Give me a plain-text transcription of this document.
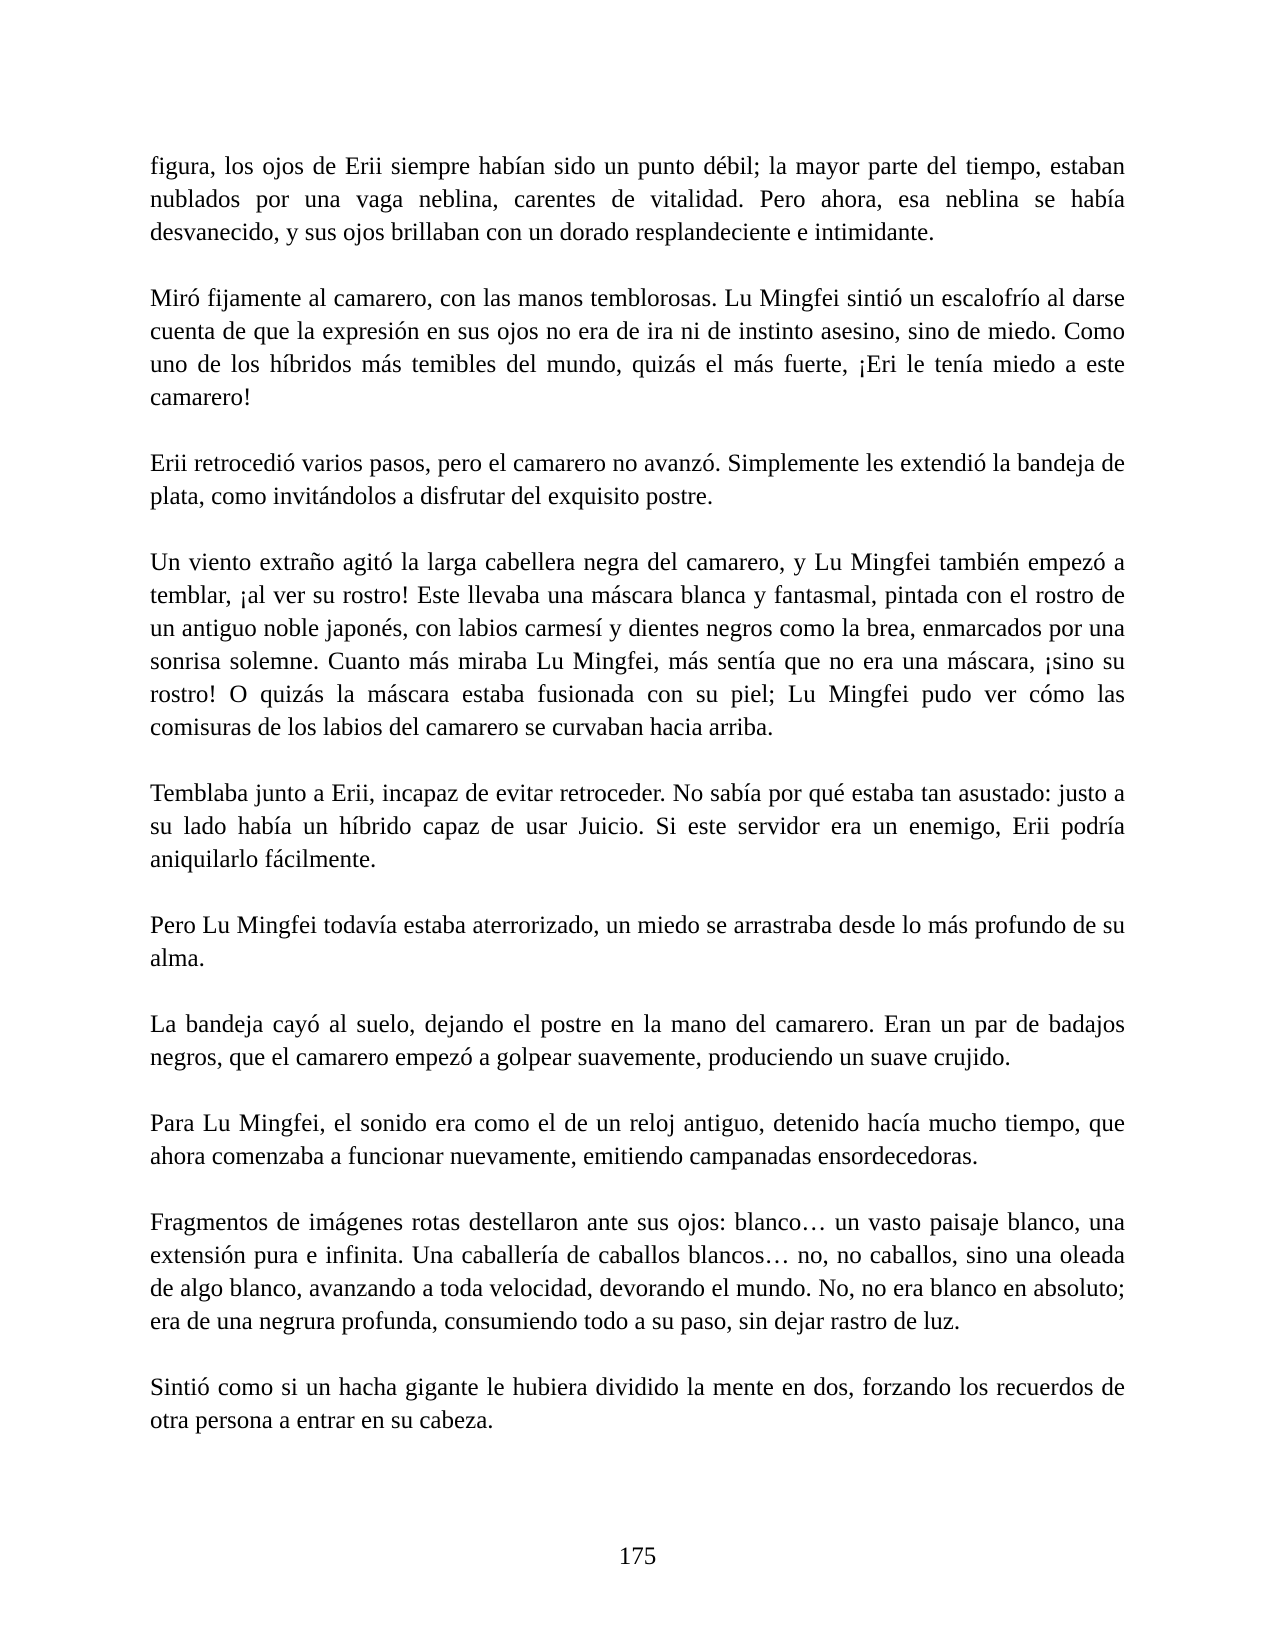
figura, los ojos de Erii siempre habían sido un punto débil; la mayor parte del tiempo, estaban nublados por una vaga neblina, carentes de vitalidad. Pero ahora, esa neblina se había desvanecido, y sus ojos brillaban con un dorado resplandeciente e intimidante.

Miró fijamente al camarero, con las manos temblorosas. Lu Mingfei sintió un escalofrío al darse cuenta de que la expresión en sus ojos no era de ira ni de instinto asesino, sino de miedo. Como uno de los híbridos más temibles del mundo, quizás el más fuerte, ¡Eri le tenía miedo a este camarero!

Erii retrocedió varios pasos, pero el camarero no avanzó. Simplemente les extendió la bandeja de plata, como invitándolos a disfrutar del exquisito postre.

Un viento extraño agitó la larga cabellera negra del camarero, y Lu Mingfei también empezó a temblar, ¡al ver su rostro! Este llevaba una máscara blanca y fantasmal, pintada con el rostro de un antiguo noble japonés, con labios carmesí y dientes negros como la brea, enmarcados por una sonrisa solemne. Cuanto más miraba Lu Mingfei, más sentía que no era una máscara, ¡sino su rostro! O quizás la máscara estaba fusionada con su piel; Lu Mingfei pudo ver cómo las comisuras de los labios del camarero se curvaban hacia arriba.

Temblaba junto a Erii, incapaz de evitar retroceder. No sabía por qué estaba tan asustado: justo a su lado había un híbrido capaz de usar Juicio. Si este servidor era un enemigo, Erii podría aniquilarlo fácilmente.

Pero Lu Mingfei todavía estaba aterrorizado, un miedo se arrastraba desde lo más profundo de su alma.

La bandeja cayó al suelo, dejando el postre en la mano del camarero. Eran un par de badajos negros, que el camarero empezó a golpear suavemente, produciendo un suave crujido.

Para Lu Mingfei, el sonido era como el de un reloj antiguo, detenido hacía mucho tiempo, que ahora comenzaba a funcionar nuevamente, emitiendo campanadas ensordecedoras.

Fragmentos de imágenes rotas destellaron ante sus ojos: blanco… un vasto paisaje blanco, una extensión pura e infinita. Una caballería de caballos blancos… no, no caballos, sino una oleada de algo blanco, avanzando a toda velocidad, devorando el mundo. No, no era blanco en absoluto; era de una negrura profunda, consumiendo todo a su paso, sin dejar rastro de luz.

Sintió como si un hacha gigante le hubiera dividido la mente en dos, forzando los recuerdos de otra persona a entrar en su cabeza.

175
